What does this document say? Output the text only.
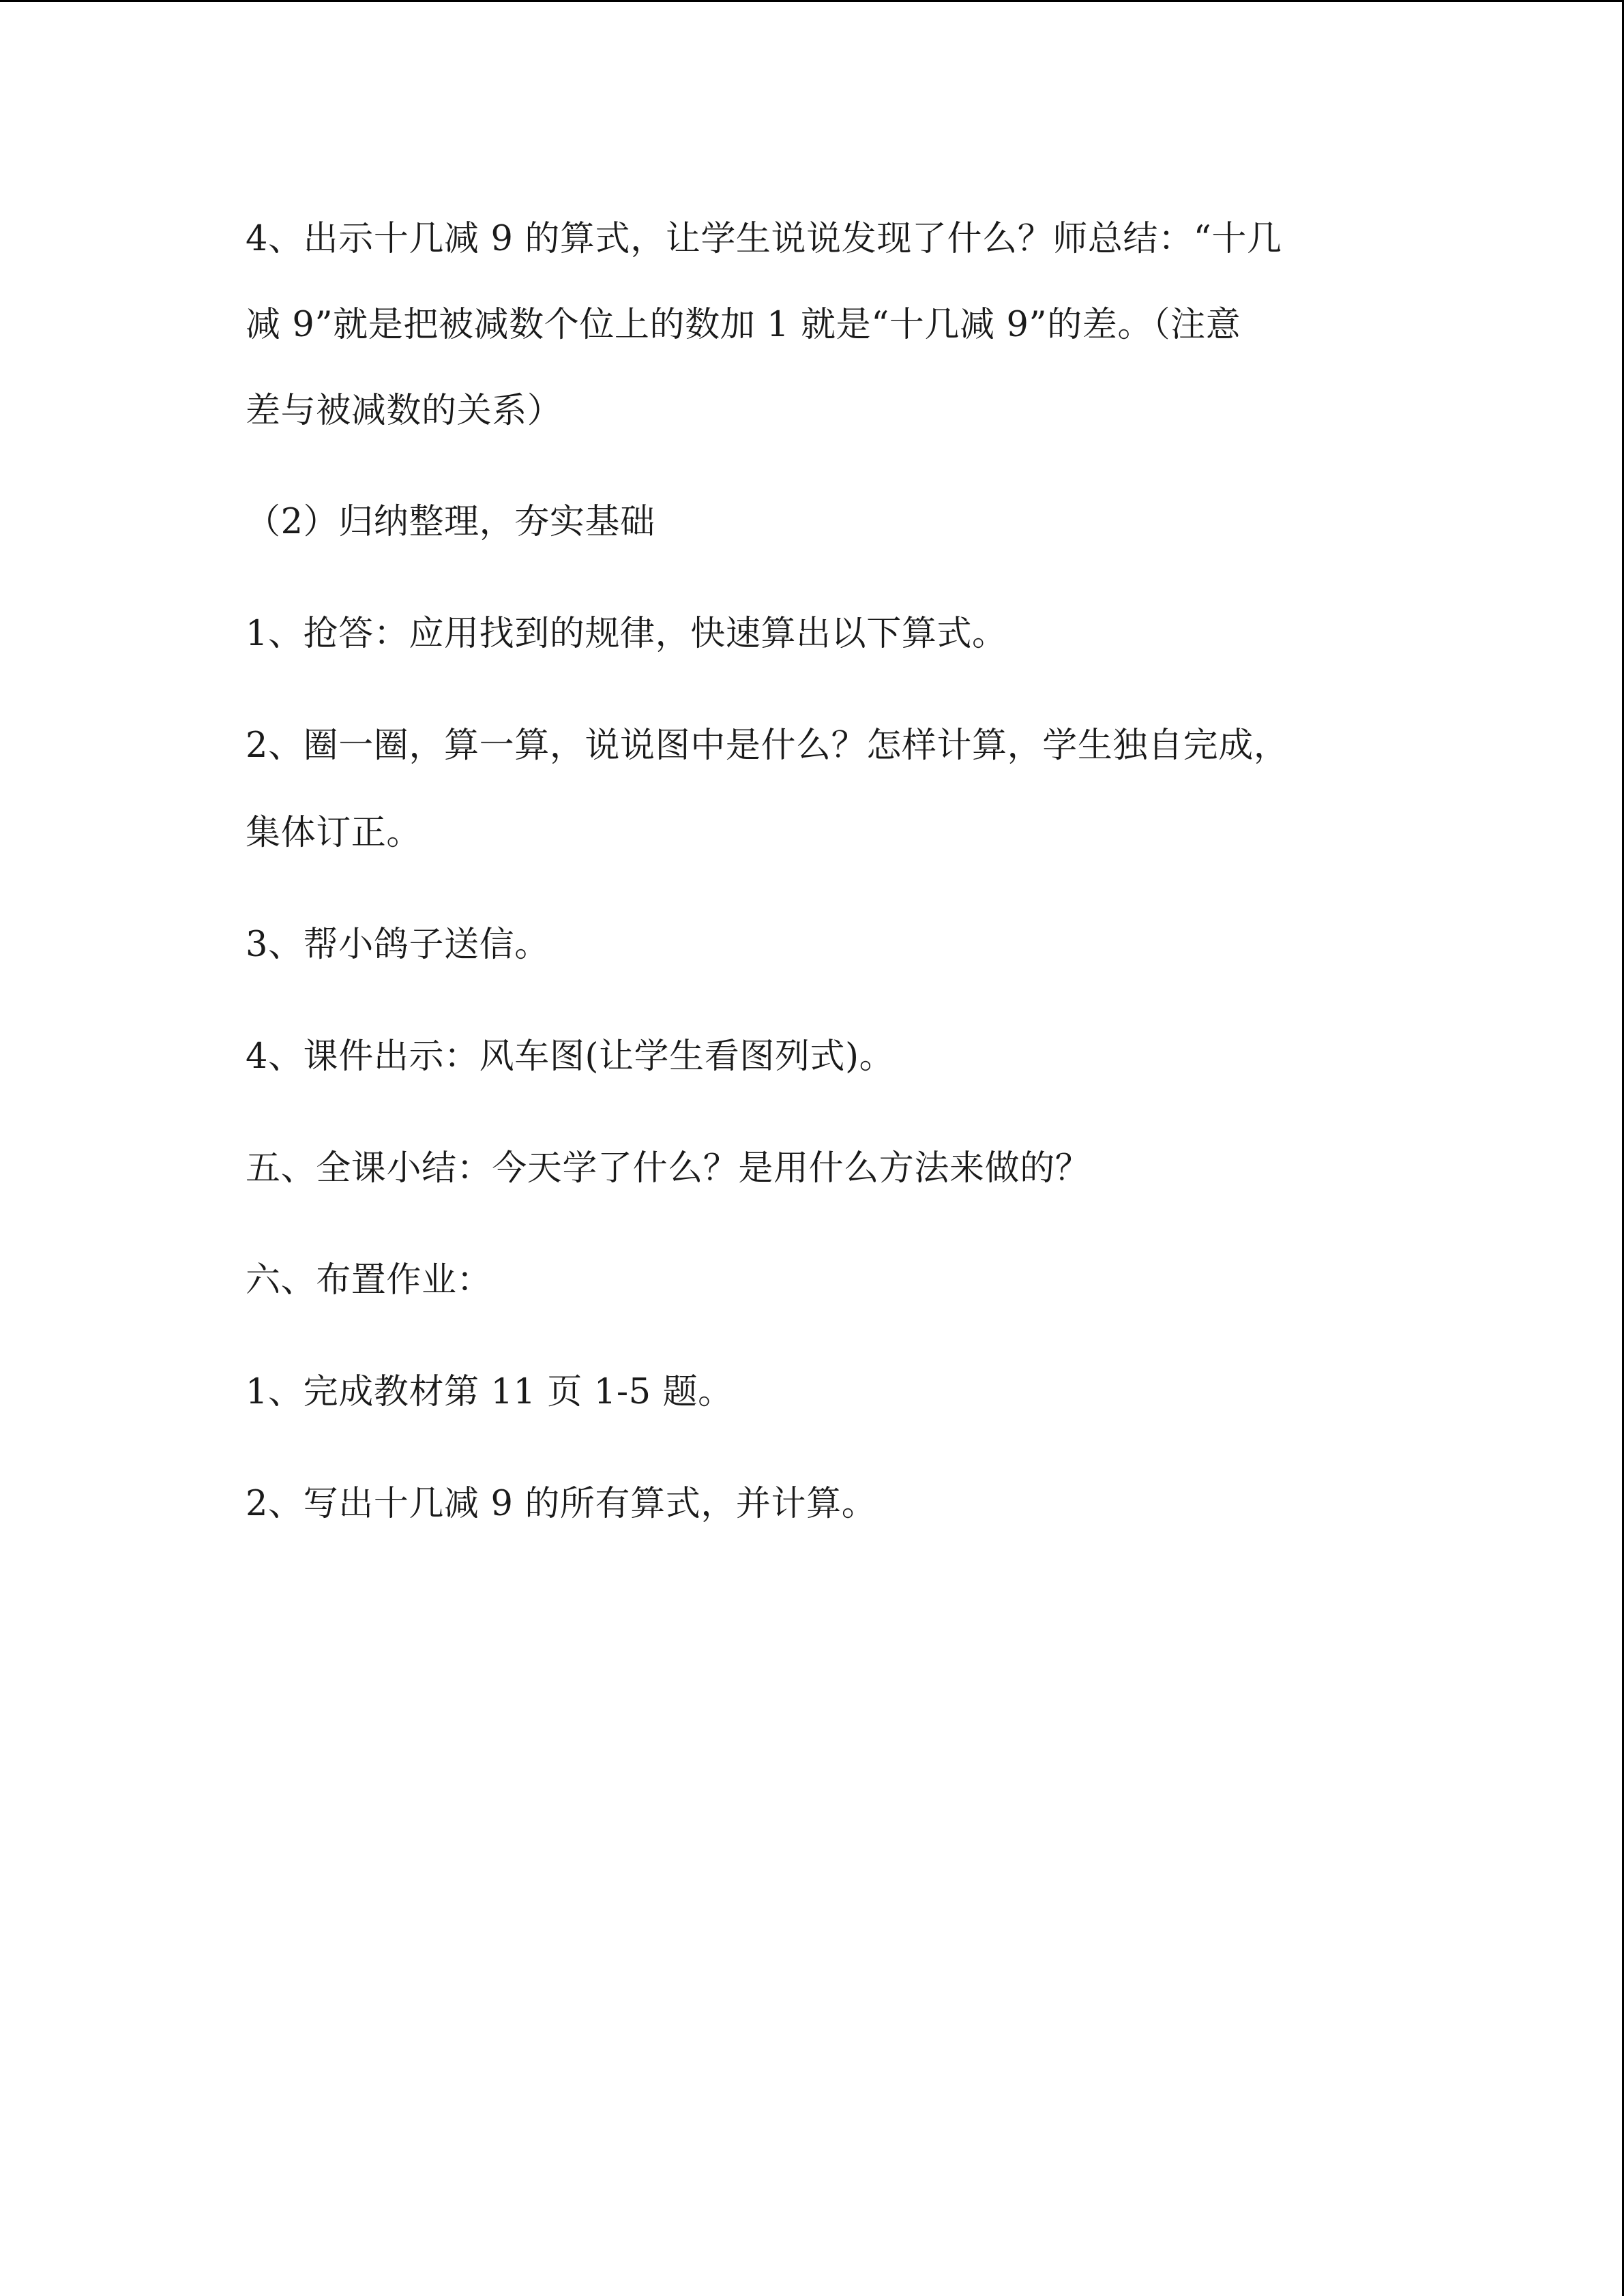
4、出示十几减 9 的算式，让学生说说发现了什么？师总结：“十几

减 9”就是把被减数个位上的数加 1 就是“十几减 9”的差。（注意

差与被减数的关系）

（2）归纳整理，夯实基础

1、抢答：应用找到的规律，快速算出以下算式。

2、圈一圈，算一算，说说图中是什么？怎样计算，学生独自完成，

集体订正。

3、帮小鸽子送信。

4、课件出示：风车图(让学生看图列式)。

五、全课小结：今天学了什么？是用什么方法来做的？

六、布置作业：

1、完成教材第 11 页 1-5 题。

2、写出十几减 9 的所有算式，并计算。
